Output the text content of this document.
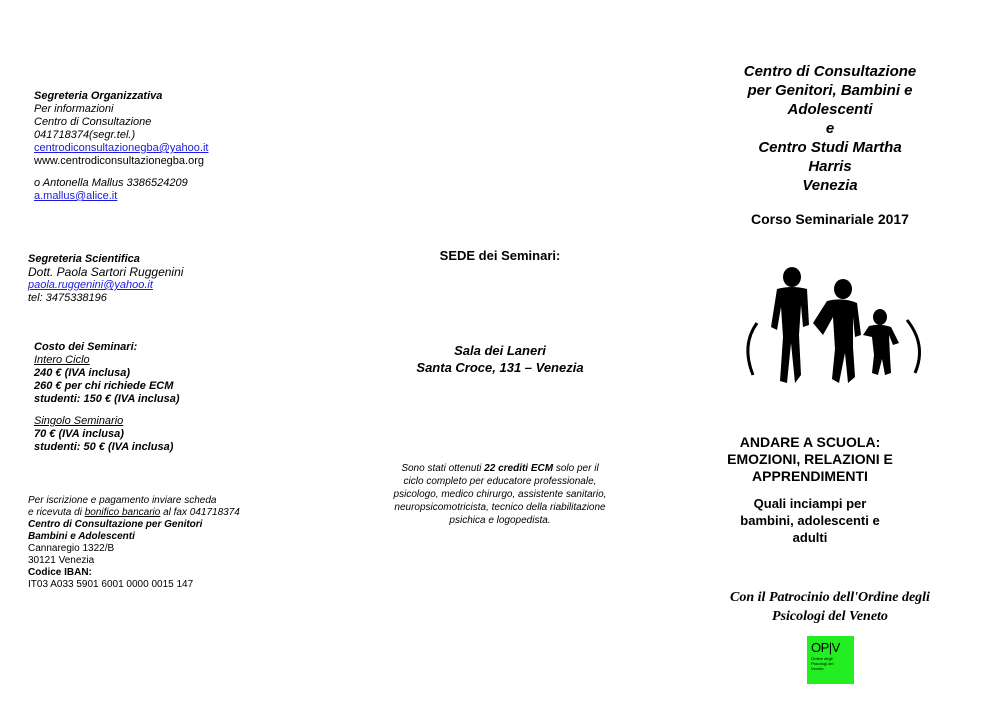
Segreteria Organizzativa
Per informazioni
Centro di Consultazione
041718374(segr.tel.)
centrodiconsultazionegba@yahoo.it
www.centrodiconsultazionegba.org
o Antonella Mallus 3386524209
a.mallus@alice.it
Segreteria Scientifica
Dott. Paola Sartori Ruggenini
paola.ruggenini@yahoo.it
tel: 3475338196
Costo dei Seminari:
Intero Ciclo
240 € (IVA inclusa)
260 € per chi richiede ECM
studenti: 150 € (IVA inclusa)
Singolo Seminario
70 € (IVA inclusa)
studenti: 50 € (IVA inclusa)
Per iscrizione e pagamento inviare scheda
e ricevuta di bonifico bancario al fax 041718374
Centro di Consultazione per Genitori
Bambini e Adolescenti
Cannaregio 1322/B
30121 Venezia
Codice IBAN:
IT03 A033 5901 6001 0000 0015 147
SEDE dei Seminari:
Sala dei Laneri
Santa Croce, 131 – Venezia
Sono stati ottenuti 22 crediti ECM solo per il
ciclo completo per educatore professionale,
psicologo, medico chirurgo, assistente sanitario,
neuropsicomotricista, tecnico della riabilitazione
psichica e logopedista.
Centro di Consultazione
per Genitori, Bambini e
Adolescenti
e
Centro Studi Martha
Harris
Venezia
Corso Seminariale 2017
ANDARE A SCUOLA:
EMOZIONI, RELAZIONI E
APPRENDIMENTI
Quali inciampi per
bambini, adolescenti e
adulti
Con il Patrocinio dell'Ordine degli
Psicologi del Veneto
OP|V
Ordine degli Psicologi del Veneto
